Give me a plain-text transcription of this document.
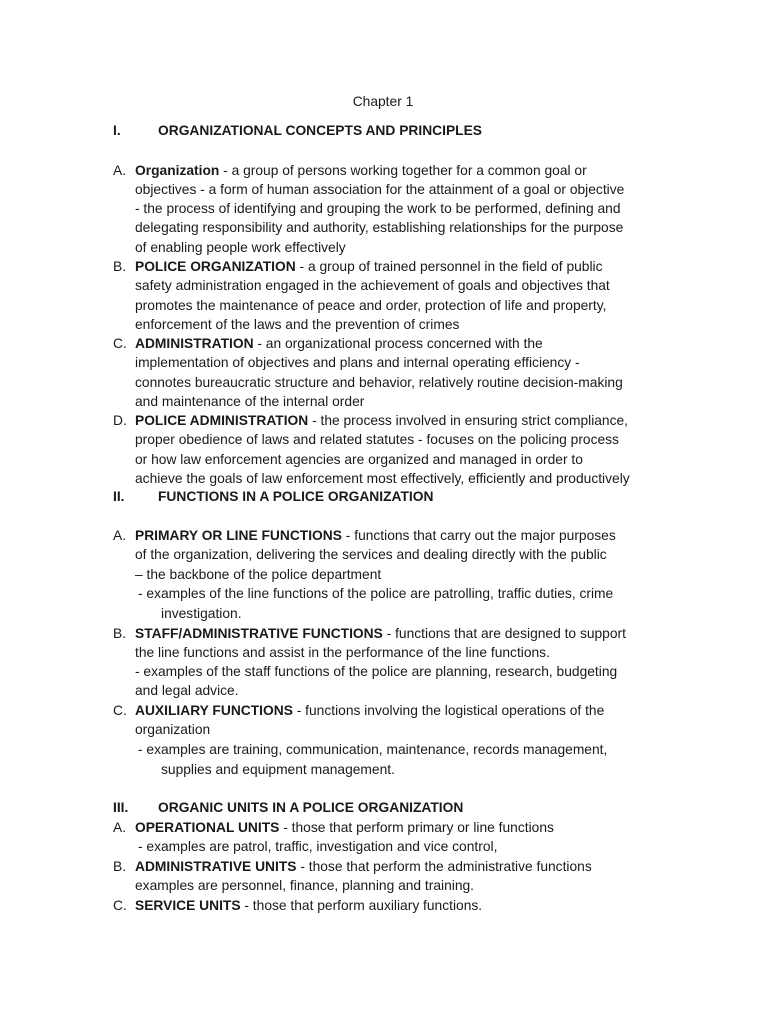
Chapter 1
I.	ORGANIZATIONAL CONCEPTS AND PRINCIPLES
A. Organization - a group of persons working together for a common goal or
objectives - a form of human association for the attainment of a goal or objective
- the process of identifying and grouping the work to be performed, defining and
delegating responsibility and authority, establishing relationships for the purpose
of enabling people work effectively
B. POLICE ORGANIZATION - a group of trained personnel in the field of public
safety administration engaged in the achievement of goals and objectives that
promotes the maintenance of peace and order, protection of life and property,
enforcement of the laws and the prevention of crimes
C. ADMINISTRATION - an organizational process concerned with the
implementation of objectives and plans and internal operating efficiency -
connotes bureaucratic structure and behavior, relatively routine decision-making
and maintenance of the internal order
D. POLICE ADMINISTRATION - the process involved in ensuring strict compliance,
proper obedience of laws and related statutes - focuses on the policing process
or how law enforcement agencies are organized and managed in order to
achieve the goals of law enforcement most effectively, efficiently and productively
II. FUNCTIONS IN A POLICE ORGANIZATION
A. PRIMARY OR LINE FUNCTIONS - functions that carry out the major purposes
of the organization, delivering the services and dealing directly with the public
– the backbone of the police department
- examples of the line functions of the police are patrolling, traffic duties, crime
investigation.
B. STAFF/ADMINISTRATIVE FUNCTIONS - functions that are designed to support
the line functions and assist in the performance of the line functions.
- examples of the staff functions of the police are planning, research, budgeting
and legal advice.
C. AUXILIARY FUNCTIONS - functions involving the logistical operations of the
organization
- examples are training, communication, maintenance, records management,
supplies and equipment management.
III. ORGANIC UNITS IN A POLICE ORGANIZATION
A. OPERATIONAL UNITS - those that perform primary or line functions
- examples are patrol, traffic, investigation and vice control,
B. ADMINISTRATIVE UNITS - those that perform the administrative functions
examples are personnel, finance, planning and training.
C. SERVICE UNITS - those that perform auxiliary functions.
